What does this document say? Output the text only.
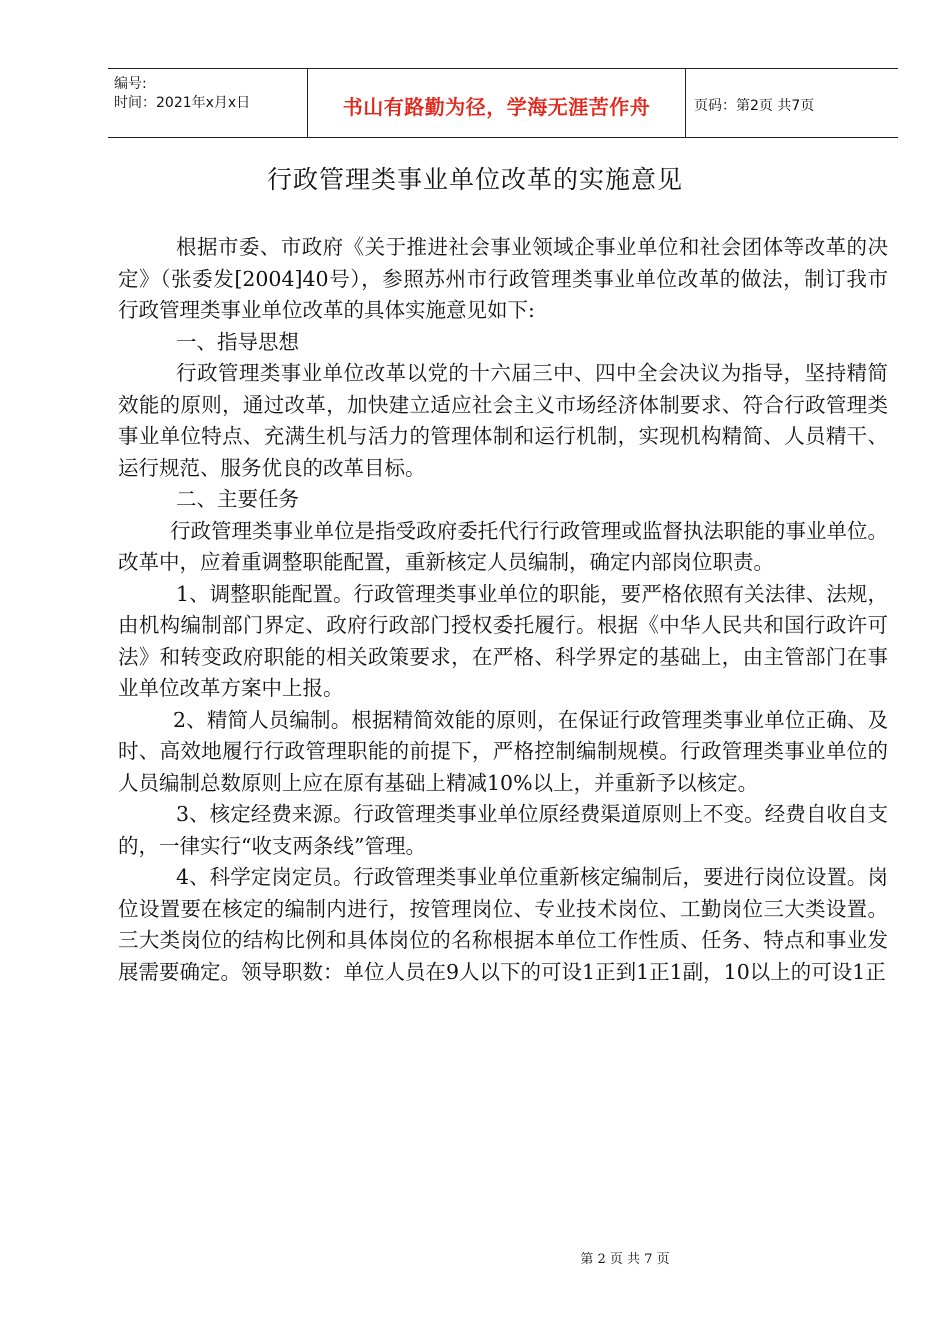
编号:
时间：2021年x月x日	书山有路勤为径，学海无涯苦作舟	页码：第2页 共7页
行政管理类事业单位改革的实施意见

根据市委、市政府《关于推进社会事业领域企事业单位和社会团体等改革的决定》（张委发[2004]40号），参照苏州市行政管理类事业单位改革的做法，制订我市行政管理类事业单位改革的具体实施意见如下:

一、指导思想

行政管理类事业单位改革以党的十六届三中、四中全会决议为指导，坚持精简效能的原则，通过改革，加快建立适应社会主义市场经济体制要求、符合行政管理类事业单位特点、充满生机与活力的管理体制和运行机制，实现机构精简、人员精干、运行规范、服务优良的改革目标。

二、主要任务

行政管理类事业单位是指受政府委托代行行政管理或监督执法职能的事业单位。改革中，应着重调整职能配置，重新核定人员编制，确定内部岗位职责。

1、调整职能配置。行政管理类事业单位的职能，要严格依照有关法律、法规，由机构编制部门界定、政府行政部门授权委托履行。根据《中华人民共和国行政许可法》和转变政府职能的相关政策要求，在严格、科学界定的基础上，由主管部门在事业单位改革方案中上报。

2、精简人员编制。根据精简效能的原则，在保证行政管理类事业单位正确、及时、高效地履行行政管理职能的前提下，严格控制编制规模。行政管理类事业单位的人员编制总数原则上应在原有基础上精减10%以上，并重新予以核定。

3、核定经费来源。行政管理类事业单位原经费渠道原则上不变。经费自收自支的，一律实行“收支两条线”管理。

4、科学定岗定员。行政管理类事业单位重新核定编制后，要进行岗位设置。岗位设置要在核定的编制内进行，按管理岗位、专业技术岗位、工勤岗位三大类设置。三大类岗位的结构比例和具体岗位的名称根据本单位工作性质、任务、特点和事业发展需要确定。领导职数：单位人员在9人以下的可设1正到1正1副，10以上的可设1正

第 2 页 共 7 页
